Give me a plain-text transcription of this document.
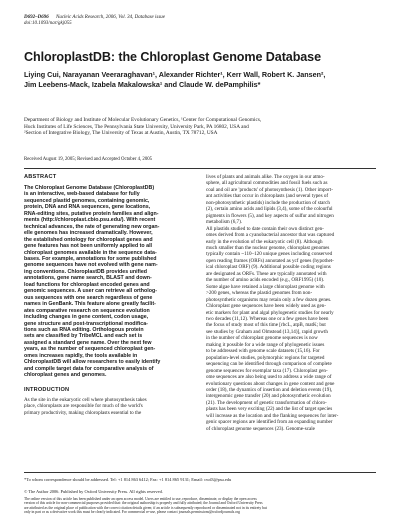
D692–D696 Nucleic Acids Research, 2006, Vol. 34, Database issue
doi:10.1093/nar/gkj055
ChloroplastDB: the Chloroplast Genome Database
Liying Cui, Narayanan Veeraraghavan¹, Alexander Richter¹, Kerr Wall, Robert K. Jansen²,
Jim Leebens-Mack, Izabela Makalowska¹ and Claude W. dePamphilis*
Department of Biology and Institute of Molecular Evolutionary Genetics, ¹Center for Computational Genomics,
Huck Institutes of Life Sciences, The Pennsylvania State University, University Park, PA 16802, USA and
²Section of Integrative Biology, The University of Texas at Austin, Austin, TX 78712, USA
Received August 19, 2005; Revised and Accepted October 4, 2005
ABSTRACT
The Chloroplast Genome Database (ChloroplastDB)
is an interactive, web-based database for fully
sequenced plastid genomes, containing genomic,
protein, DNA and RNA sequences, gene locations,
RNA-editing sites, putative protein families and align-
ments (http://chloroplast.cbio.psu.edu/). With recent
technical advances, the rate of generating new organ-
elle genomes has increased dramatically. However,
the established ontology for chloroplast genes and
gene features has not been uniformly applied to all
chloroplast genomes available in the sequence data-
bases. For example, annotations for some published
genome sequences have not evolved with gene nam-
ing conventions. ChloroplastDB provides unified
annotations, gene name search, BLAST and down-
load functions for chloroplast encoded genes and
genomic sequences. A user can retrieve all ortholog-
ous sequences with one search regardless of gene
names in GenBank. This feature alone greatly facilit-
ates comparative research on sequence evolution
including changes in gene content, codon usage,
gene structure and post-transcriptional modifica-
tions such as RNA editing. Orthologous protein
sets are classified by TribeMCL and each set is
assigned a standard gene name. Over the next few
years, as the number of sequenced chloroplast gen-
omes increases rapidly, the tools available in
ChloroplastDB will allow researchers to easily identify
and compile target data for comparative analysis of
chloroplast genes and genomes.
INTRODUCTION
As the site in the eukaryotic cell where photosynthesis takes
place, chloroplasts are responsible for much of the world's
primary productivity, making chloroplasts essential to the
lives of plants and animals alike. The oxygen in our atmo-
sphere, all agricultural commodities and fossil fuels such as
coal and oil are 'products' of photosynthesis (1). Other import-
ant activities that occur in chloroplasts (and several types of
non-photosynthetic plastids) include the production of starch
(2), certain amino acids and lipids (3,4), some of the colourful
pigments in flowers (5), and key aspects of sulfur and nitrogen
metabolism (6,7).
All plastids studied to date contain their own distinct gen-
omes derived from a cyanobacterial ancestor that was captured
early in the evolution of the eukaryotic cell (8). Although
much smaller than the nuclear genome, chloroplast genomes
typically contain ~110–120 unique genes including conserved
open reading frames (ORFs) annotated as ycf genes (hypothet-
ical chloroplast ORF) (9). Additional possible coding regions
are designated as ORFs. These are typically annotated with
the number of amino acids encoded (e.g., ORF1995) (10).
Some algae have retained a large chloroplast genome with
>200 genes, whereas the plastid genomes from non-
photosynthetic organisms may retain only a few dozen genes.
Chloroplast gene sequences have been widely used as gen-
etic markers for plant and algal phylogenetic studies for nearly
two decades (11,12). Whereas one or a few genes have been
the focus of study most of this time [rbcL, atpB, matK; but
see studies by Graham and Olmstead (13,14)], rapid growth
in the number of chloroplast genome sequences is now
making it possible for a wide range of phylogenetic issues
to be addressed with genome scale datasets (15,16). For
population-level studies, polymorphic regions for targeted
sequencing can be identified through comparison of complete
genome sequences for exemplar taxa (17). Chloroplast gen-
ome sequences are also being used to address a wide range of
evolutionary questions about changes in gene content and gene
order (18), the dynamics of insertion and deletion events (19),
intergenomic gene transfer (20) and photosynthetic evolution
(21). The development of genetic transformation of chloro-
plasts has been very exciting (22) and the list of target species
will increase as the location and the flanking sequences for inter-
genic spacer regions are identified from an expanding number
of chloroplast genome sequences (23). Genome-scale
*To whom correspondence should be addressed. Tel: +1 814 863 6412; Fax: +1 814 865 9131; Email: cwd3@psu.edu
© The Author 2006. Published by Oxford University Press. All rights reserved.
The online version of this article has been published under an open access model. Users are entitled to use, reproduce, disseminate, or display the open access
version of this article for non-commercial purposes provided that: the original authorship is properly and fully attributed; the Journal and Oxford University Press
are attributed as the original place of publication with the correct citation details given; if an article is subsequently reproduced or disseminated not in its entirety but
only in part or as a derivative work this must be clearly indicated. For commercial re-use, please contact journals.permissions@oxfordjournals.org
